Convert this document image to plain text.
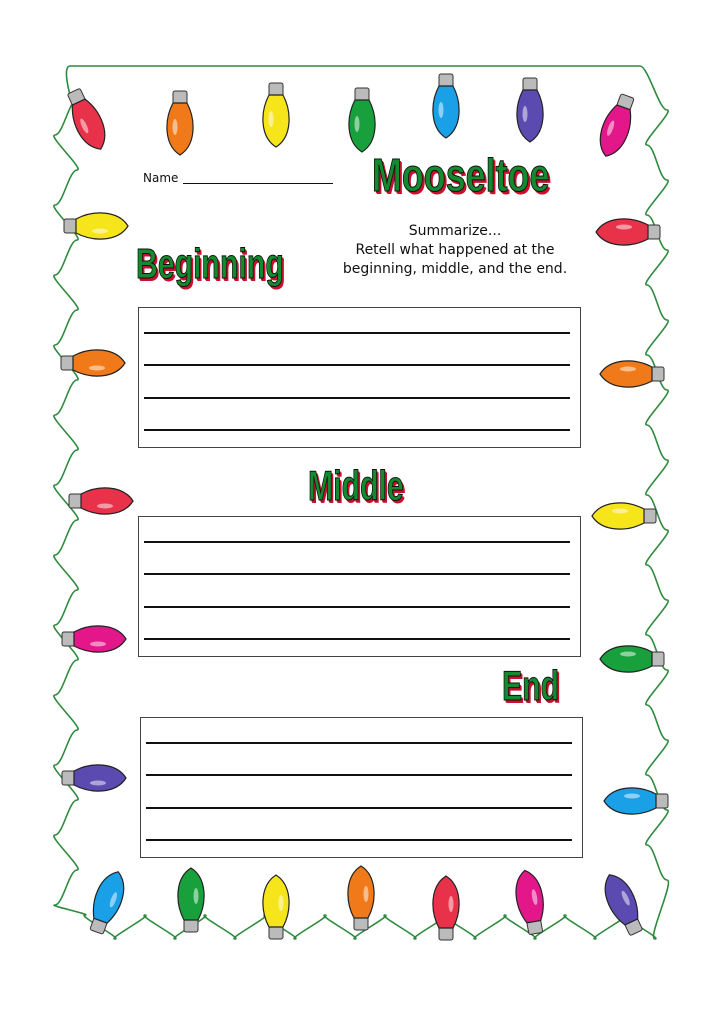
Name	Mooseltoe
Summarize...
Retell what happened at the
beginning, middle, and the end.
Beginning
Middle
End
